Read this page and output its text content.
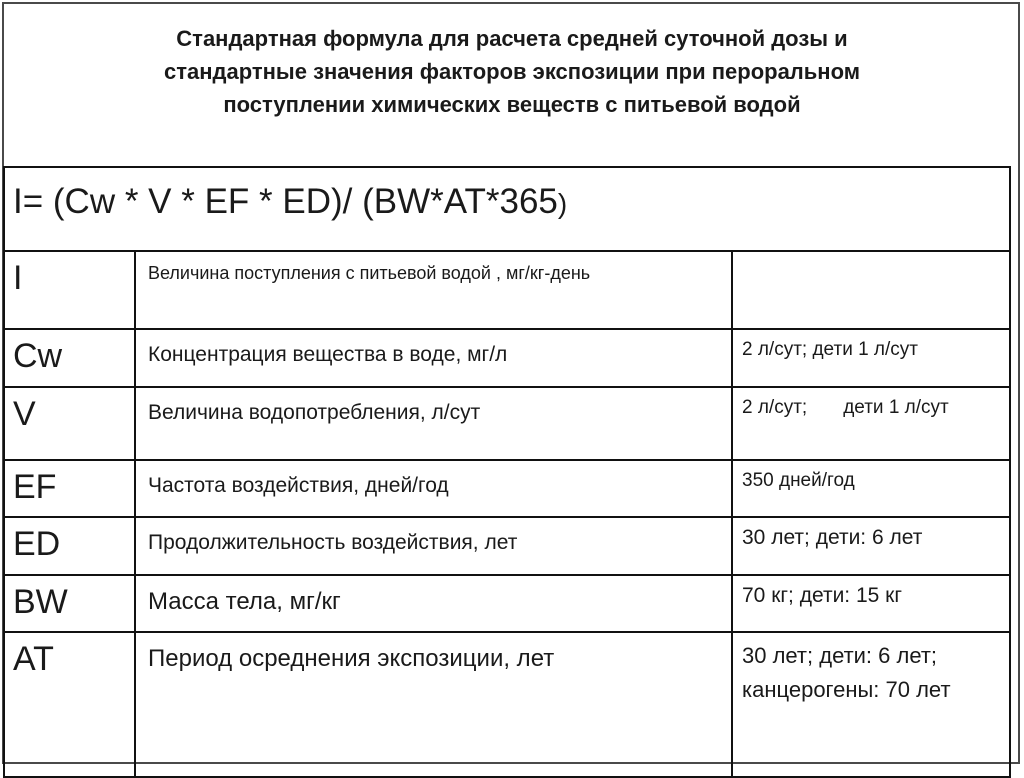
Стандартная формула для расчета средней суточной дозы и
стандартные значения факторов экспозиции при пероральном
поступлении химических веществ с питьевой водой
I= (Cw * V * EF * ED)/ (BW*AT*365)		
I	Величина поступления с питьевой водой , мг/кг-день	
Cw	Концентрация вещества в воде, мг/л	2 л/сут; дети 1 л/сут
V	Величина водопотребления, л/сут	2 л/сут; дети 1 л/сут
EF	Частота воздействия, дней/год	350 дней/год
ED	Продолжительность воздействия, лет	30 лет; дети: 6 лет
BW	Масса тела, мг/кг	70 кг; дети: 15 кг
AT	Период осреднения экспозиции, лет	30 лет; дети: 6 лет; канцерогены: 70 лет
